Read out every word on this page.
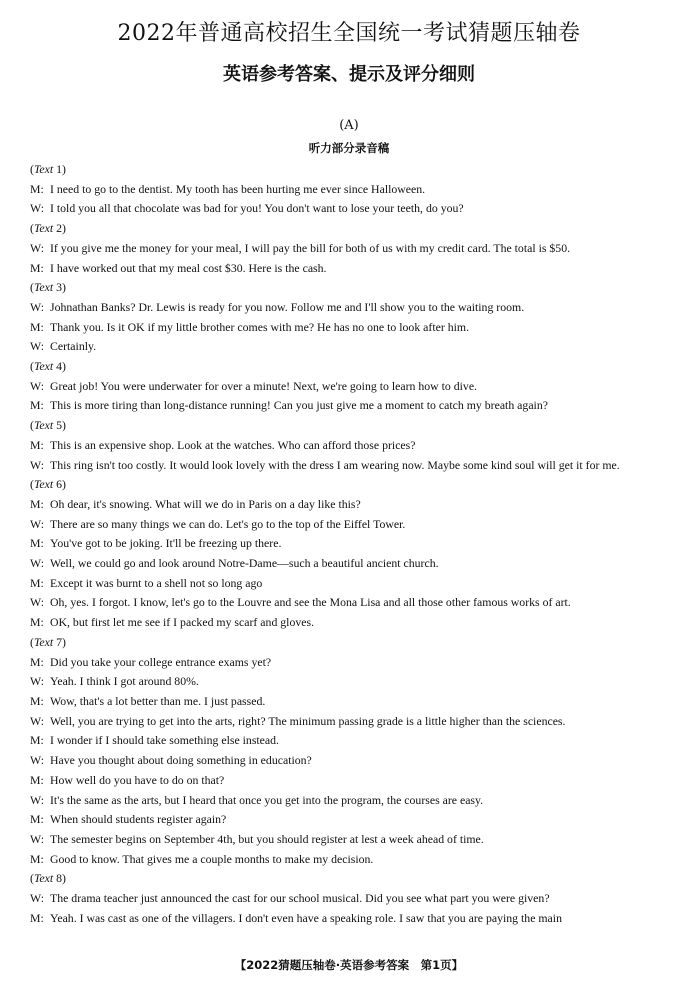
2022年普通高校招生全国统一考试猜题压轴卷
英语参考答案、提示及评分细则
(A)
听力部分录音稿
(Text 1)
M: I need to go to the dentist. My tooth has been hurting me ever since Halloween.
W: I told you all that chocolate was bad for you! You don't want to lose your teeth, do you?
(Text 2)
W: If you give me the money for your meal, I will pay the bill for both of us with my credit card. The total is $50.
M: I have worked out that my meal cost $30. Here is the cash.
(Text 3)
W: Johnathan Banks? Dr. Lewis is ready for you now. Follow me and I'll show you to the waiting room.
M: Thank you. Is it OK if my little brother comes with me? He has no one to look after him.
W: Certainly.
(Text 4)
W: Great job! You were underwater for over a minute! Next, we're going to learn how to dive.
M: This is more tiring than long-distance running! Can you just give me a moment to catch my breath again?
(Text 5)
M: This is an expensive shop. Look at the watches. Who can afford those prices?
W: This ring isn't too costly. It would look lovely with the dress I am wearing now. Maybe some kind soul will get it for me.
(Text 6)
M: Oh dear, it's snowing. What will we do in Paris on a day like this?
W: There are so many things we can do. Let's go to the top of the Eiffel Tower.
M: You've got to be joking. It'll be freezing up there.
W: Well, we could go and look around Notre-Dame—such a beautiful ancient church.
M: Except it was burnt to a shell not so long ago
W: Oh, yes. I forgot. I know, let's go to the Louvre and see the Mona Lisa and all those other famous works of art.
M: OK, but first let me see if I packed my scarf and gloves.
(Text 7)
M: Did you take your college entrance exams yet?
W: Yeah. I think I got around 80%.
M: Wow, that's a lot better than me. I just passed.
W: Well, you are trying to get into the arts, right? The minimum passing grade is a little higher than the sciences.
M: I wonder if I should take something else instead.
W: Have you thought about doing something in education?
M: How well do you have to do on that?
W: It's the same as the arts, but I heard that once you get into the program, the courses are easy.
M: When should students register again?
W: The semester begins on September 4th, but you should register at lest a week ahead of time.
M: Good to know. That gives me a couple months to make my decision.
(Text 8)
W: The drama teacher just announced the cast for our school musical. Did you see what part you were given?
M: Yeah. I was cast as one of the villagers. I don't even have a speaking role. I saw that you are paying the main
【2022猜题压轴卷·英语参考答案　第1页】
